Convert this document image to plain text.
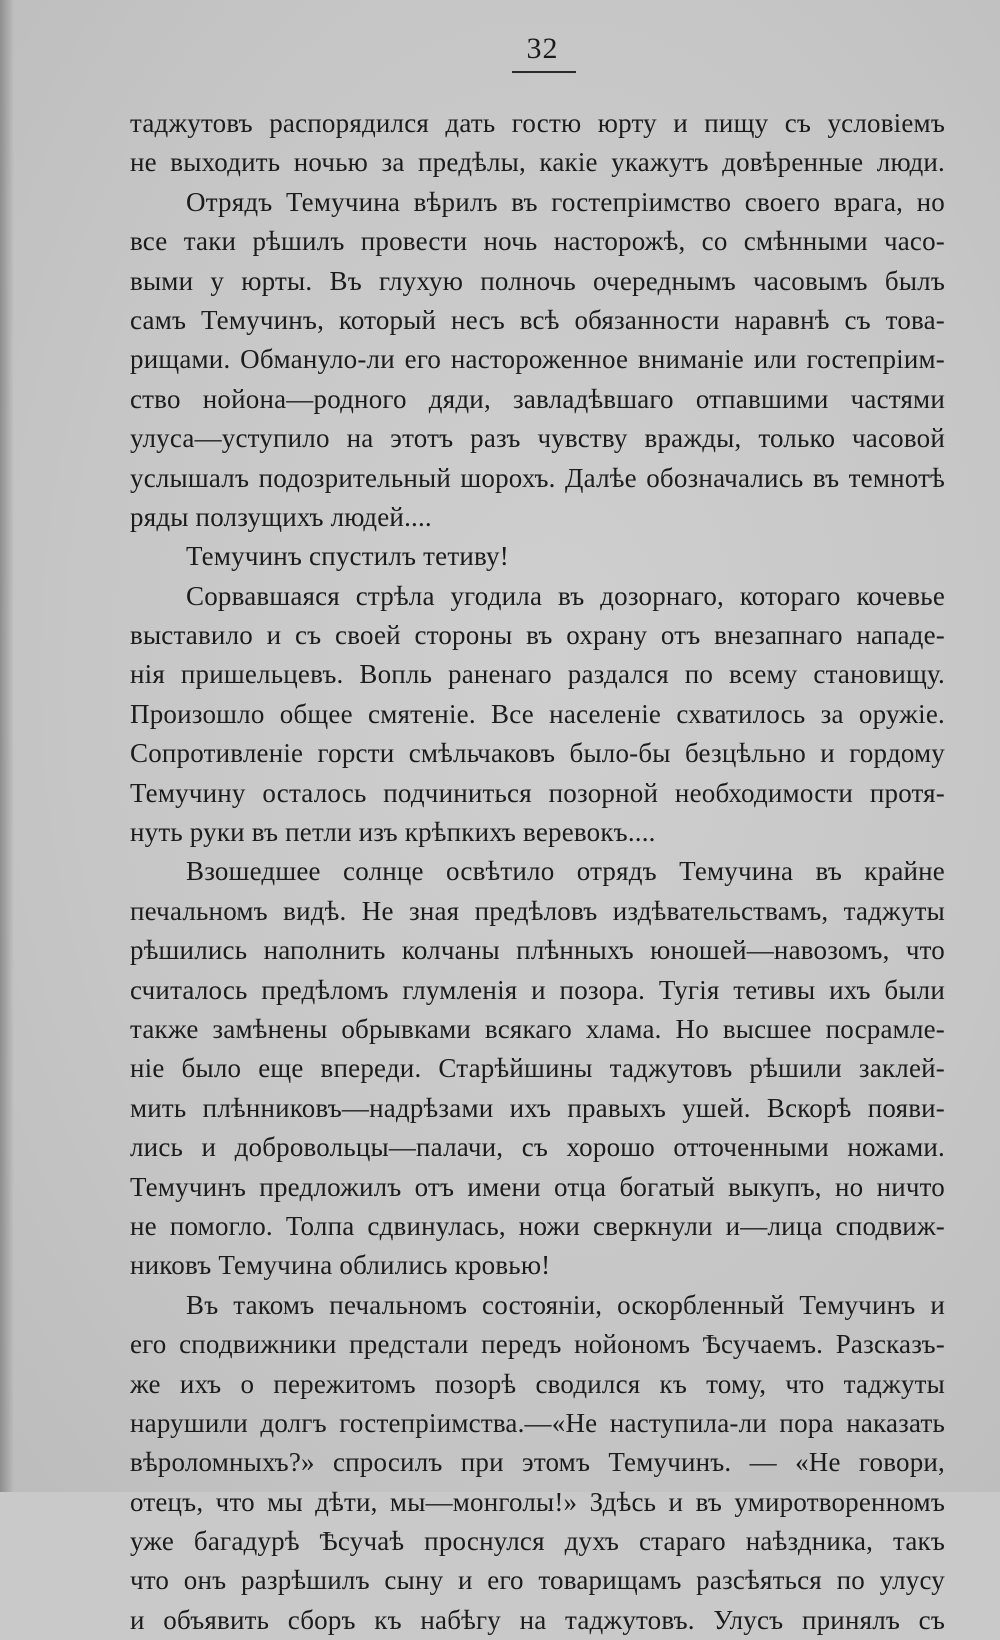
32
таджутовъ распорядился дать гостю юрту и пищу съ условіемъ
не выходить ночью за предѣлы, какіе укажутъ довѣренные люди.
Отрядъ Темучина вѣрилъ въ гостепріимство своего врага, но
все таки рѣшилъ провести ночь насторожѣ, со смѣнными часо-
выми у юрты. Въ глухую полночь очереднымъ часовымъ былъ
самъ Темучинъ, который несъ всѣ обязанности наравнѣ съ това-
рищами. Обмануло-ли его настороженное вниманіе или гостепріим-
ство нойона—родного дяди, завладѣвшаго отпавшими частями
улуса—уступило на этотъ разъ чувству вражды, только часовой
услышалъ подозрительный шорохъ. Далѣе обозначались въ темнотѣ
ряды ползущихъ людей....
Темучинъ спустилъ тетиву!
Сорвавшаяся стрѣла угодила въ дозорнаго, котораго кочевье
выставило и съ своей стороны въ охрану отъ внезапнаго нападе-
нія пришельцевъ. Вопль раненаго раздался по всему становищу.
Произошло общее смятеніе. Все населеніе схватилось за оружіе.
Сопротивленіе горсти смѣльчаковъ было-бы безцѣльно и гордому
Темучину осталось подчиниться позорной необходимости протя-
нуть руки въ петли изъ крѣпкихъ веревокъ....
Взошедшее солнце освѣтило отрядъ Темучина въ крайне
печальномъ видѣ. Не зная предѣловъ издѣвательствамъ, таджуты
рѣшились наполнить колчаны плѣнныхъ юношей—навозомъ, что
считалось предѣломъ глумленія и позора. Тугія тетивы ихъ были
также замѣнены обрывками всякаго хлама. Но высшее посрамле-
ніе было еще впереди. Старѣйшины таджутовъ рѣшили заклей-
мить плѣнниковъ—надрѣзами ихъ правыхъ ушей. Вскорѣ появи-
лись и добровольцы—палачи, съ хорошо отточенными ножами.
Темучинъ предложилъ отъ имени отца богатый выкупъ, но ничто
не помогло. Толпа сдвинулась, ножи сверкнули и—лица сподвиж-
никовъ Темучина облились кровью!
Въ такомъ печальномъ состояніи, оскорбленный Темучинъ и
его сподвижники предстали передъ нойономъ Ѣсучаемъ. Разсказъ-
же ихъ о пережитомъ позорѣ сводился къ тому, что таджуты
нарушили долгъ гостепріимства.—«Не наступила-ли пора наказать
вѣроломныхъ?» спросилъ при этомъ Темучинъ. — «Не говори,
отецъ, что мы дѣти, мы—монголы!» Здѣсь и въ умиротворенномъ
уже багадурѣ Ѣсучаѣ проснулся духъ стараго наѣздника, такъ
что онъ разрѣшилъ сыну и его товарищамъ разсѣяться по улусу
и объявить сборъ къ набѣгу на таджутовъ. Улусъ принялъ съ
